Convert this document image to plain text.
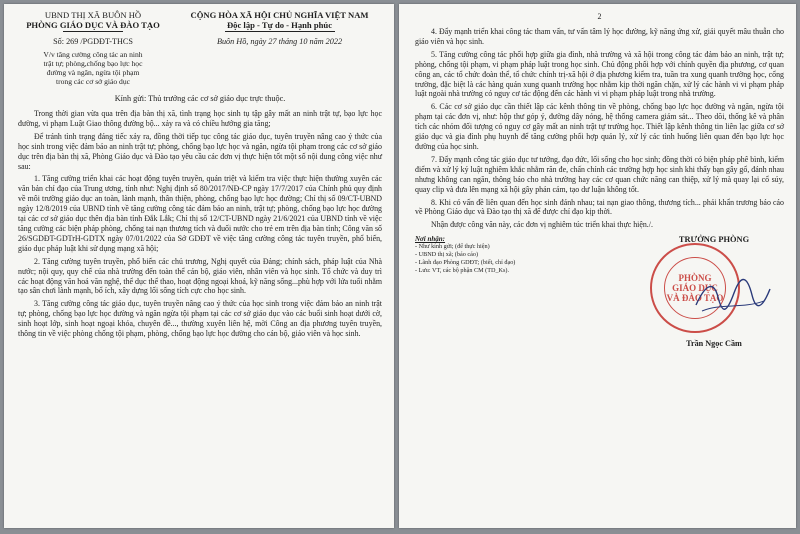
UBND THỊ XÃ BUÔN HỒ
PHÒNG GIÁO DỤC VÀ ĐÀO TẠO
CỘNG HÒA XÃ HỘI CHỦ NGHĨA VIỆT NAM
Độc lập - Tự do - Hạnh phúc
Số: 269 /PGDĐT-THCS	Buôn Hồ, ngày 27 tháng 10 năm 2022
V/v tăng cường công tác an ninh
trật tự; phòng,chống bạo lực học
đường và ngăn, ngừa tội phạm
trong các cơ sở giáo dục
Kính gửi: Thủ trưởng các cơ sở giáo dục trực thuộc.

Trong thời gian vừa qua trên địa bàn thị xã, tình trạng học sinh tụ tập gây mất an ninh trật tự, bạo lực học đường, vi phạm Luật Giao thông đường bộ... xảy ra và có chiều hướng gia tăng;

Để tránh tình trạng đáng tiếc xảy ra, đồng thời tiếp tục công tác giáo dục, tuyên truyền nâng cao ý thức của học sinh trong việc đảm bảo an ninh trật tự; phòng, chống bạo lực học và ngăn, ngừa tội phạm trong các cơ sở giáo dục trên địa bàn thị xã, Phòng Giáo dục và Đào tạo yêu cầu các đơn vị thực hiện tốt một số nội dung công việc như sau:

1. Tăng cường triển khai các hoạt động tuyên truyền, quán triệt và kiểm tra việc thực hiện thường xuyên các văn bản chỉ đạo của Trung ương, tỉnh như: Nghị định số 80/2017/NĐ-CP ngày 17/7/2017 của Chính phủ quy định về môi trường giáo dục an toàn, lành mạnh, thân thiện, phòng, chống bạo lực học đường; Chỉ thị số 09/CT-UBND ngày 12/8/2019 của UBND tỉnh về tăng cường công tác đảm bảo an ninh, trật tự; phòng, chống bạo lực học đường tại các cơ sở giáo dục thên địa bàn tỉnh Đắk Lắk; Chỉ thị số 12/CT-UBND ngày 21/6/2021 của UBND tỉnh về việc tăng cường các biện pháp phòng, chống tai nạn thương tích và đuối nước cho trẻ em trên địa bàn tỉnh; Công văn số 26/SGDĐT-GDTrH-GDTX ngày 07/01/2022 của Sở GDĐT về việc tăng cường công tác tuyên truyền, phổ biến, giáo dục pháp luật khi sử dụng mạng xã hội;

2. Tăng cường tuyên truyền, phổ biến các chủ trương, Nghị quyết của Đảng; chính sách, pháp luật của Nhà nước; nội quy, quy chế của nhà trường đến toàn thể cán bộ, giáo viên, nhân viên và học sinh. Tổ chức và duy trì các hoạt động văn hoá văn nghệ, thể dục thể thao, hoạt động ngoại khoá, kỹ năng sống...phù hợp với lứa tuổi nhằm tạo sân chơi lành mạnh, bổ ích, xây dựng lối sống tích cực cho học sinh.

3. Tăng cường công tác giáo dục, tuyên truyền nâng cao ý thức của học sinh trong việc đảm bảo an ninh trật tự; phòng, chống bạo lực học đường và ngăn ngừa tội phạm tại các cơ sở giáo dục vào các buổi sinh hoạt dưới cờ, sinh hoạt lớp, sinh hoạt ngoại khóa, chuyên đề..., thường xuyên liên hệ, mời Công an địa phương tuyên truyền, thông tin về việc phòng chống tội phạm, phòng, chống bạo lực học đường cho cán bộ, giáo viên và học sinh.

2

4. Đẩy mạnh triển khai công tác tham vấn, tư vấn tâm lý học đường, kỹ năng ứng xử, giải quyết mâu thuẫn cho giáo viên và học sinh.

5. Tăng cường công tác phối hợp giữa gia đình, nhà trường và xã hội trong công tác đảm bảo an ninh, trật tự; phòng, chống tội phạm, vi phạm pháp luật trong học sinh. Chủ động phối hợp với chính quyền địa phương, cơ quan công an, các tổ chức đoàn thể, tổ chức chính trị-xã hội ở địa phương kiểm tra, tuần tra xung quanh trường học, cổng trường, đặc biệt là các hàng quán xung quanh trường học nhằm kịp thời ngăn chặn, xử lý các hành vi vi phạm pháp luật ngoài nhà trường có nguy cơ tác động đến các hành vi vi phạm pháp luật trong nhà trường.

6. Các cơ sở giáo dục cần thiết lập các kênh thông tin về phòng, chống bạo lực học đường và ngăn, ngừa tội phạm tại các đơn vị, như: hộp thư góp ý, đường dây nóng, hệ thống camera giám sát... Theo dõi, thống kê và phân tích các nhóm đối tượng có nguy cơ gây mất an ninh trật tự trường học. Thiết lập kênh thông tin liên lạc giữa cơ sở giáo dục và gia đình phụ huynh để tăng cường phối hợp quản lý, xử lý các tình huống liên quan đến bạo lực học đường của học sinh.

7. Đẩy mạnh công tác giáo dục tư tưởng, đạo đức, lối sống cho học sinh; đồng thời có biện pháp phê bình, kiểm điểm và xử lý kỷ luật nghiêm khắc nhằm răn đe, chấn chỉnh các trường hợp học sinh khi thấy bạn gây gổ, đánh nhau nhưng không can ngăn, thông báo cho nhà trường hay các cơ quan chức năng can thiệp, xử lý mà quay lại cổ súy, quay clip và đưa lên mạng xã hội gây phản cảm, tạo dư luận không tốt.

8. Khi có vấn đề liên quan đến học sinh đánh nhau; tai nạn giao thông, thương tích... phải khẩn trương báo cáo về Phòng Giáo dục và Đào tạo thị xã để được chỉ đạo kịp thời.

Nhận được công văn này, các đơn vị nghiêm túc triển khai thực hiện./.

Nơi nhận:
- Như kính gửi; (để thực hiện)
- UBND thị xã; (báo cáo)
- Lãnh đạo Phòng GDĐT; (biết, chỉ đạo)
- Lưu: VT, các bộ phận CM (TD_Ks).
TRƯỞNG PHÒNG
PHÒNG
GIÁO DỤC
VÀ ĐÀO TẠO
Trần Ngọc Cầm
